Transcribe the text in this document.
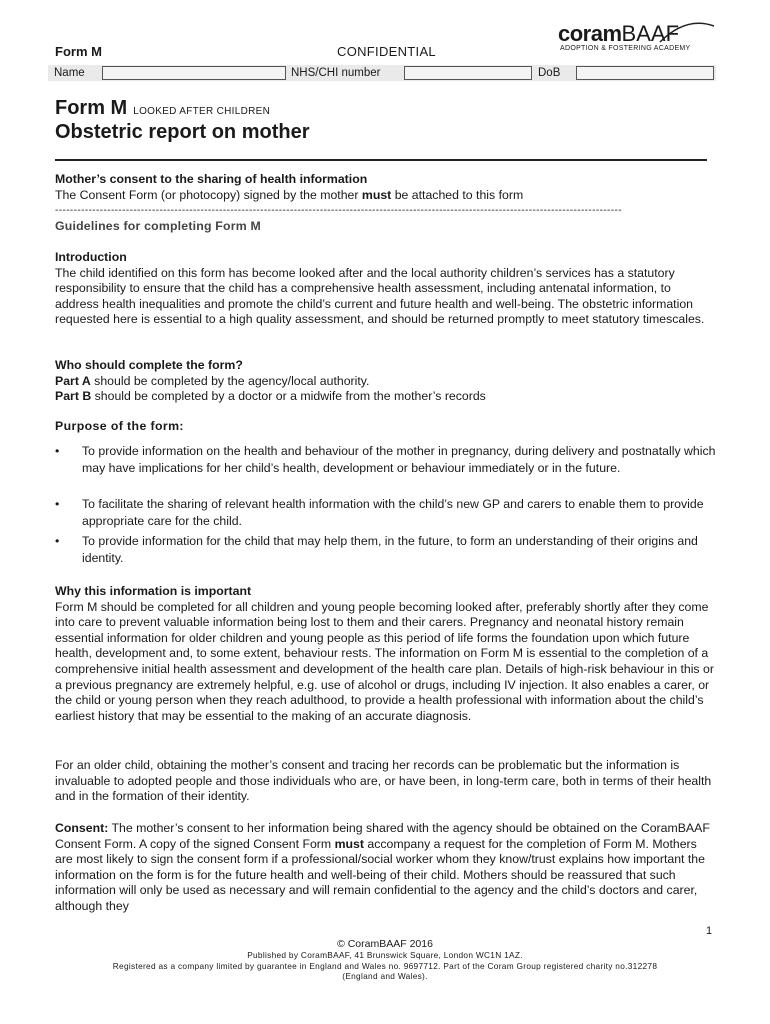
Form M	CONFIDENTIAL
coramBAAF
ADOPTION & FOSTERING ACADEMY
Name	NHS/CHI number	DoB
Form M LOOKED AFTER CHILDREN
Obstetric report on mother
Mother’s consent to the sharing of health information
The Consent Form (or photocopy) signed by the mother must be attached to this form
--------------------------------------------------------------------------------------------------------------------------------------------------------
Guidelines for completing Form M
Introduction
The child identified on this form has become looked after and the local authority children’s services has a statutory responsibility to ensure that the child has a comprehensive health assessment, including antenatal information, to address health inequalities and promote the child’s current and future health and well-being. The obstetric information requested here is essential to a high quality assessment, and should be returned promptly to meet statutory timescales.
Who should complete the form?
Part A should be completed by the agency/local authority.
Part B should be completed by a doctor or a midwife from the mother’s records
Purpose of the form:
• To provide information on the health and behaviour of the mother in pregnancy, during delivery and postnatally which may have implications for her child’s health, development or behaviour immediately or in the future.
• To facilitate the sharing of relevant health information with the child’s new GP and carers to enable them to provide appropriate care for the child.
• To provide information for the child that may help them, in the future, to form an understanding of their origins and identity.
Why this information is important
Form M should be completed for all children and young people becoming looked after, preferably shortly after they come into care to prevent valuable information being lost to them and their carers. Pregnancy and neonatal history remain essential information for older children and young people as this period of life forms the foundation upon which future health, development and, to some extent, behaviour rests. The information on Form M is essential to the completion of a comprehensive initial health assessment and development of the health care plan. Details of high-risk behaviour in this or a previous pregnancy are extremely helpful, e.g. use of alcohol or drugs, including IV injection. It also enables a carer, or the child or young person when they reach adulthood, to provide a health professional with information about the child’s earliest history that may be essential to the making of an accurate diagnosis.
For an older child, obtaining the mother’s consent and tracing her records can be problematic but the information is invaluable to adopted people and those individuals who are, or have been, in long-term care, both in terms of their health and in the formation of their identity.
Consent: The mother’s consent to her information being shared with the agency should be obtained on the CoramBAAF Consent Form. A copy of the signed Consent Form must accompany a request for the completion of Form M. Mothers are most likely to sign the consent form if a professional/social worker whom they know/trust explains how important the information on the form is for the future health and well-being of their child. Mothers should be reassured that such information will only be used as necessary and will remain confidential to the agency and the child’s doctors and carer, although they
1
© CoramBAAF 2016
Published by CoramBAAF, 41 Brunswick Square, London WC1N 1AZ.
Registered as a company limited by guarantee in England and Wales no. 9697712. Part of the Coram Group registered charity no.312278
(England and Wales).
